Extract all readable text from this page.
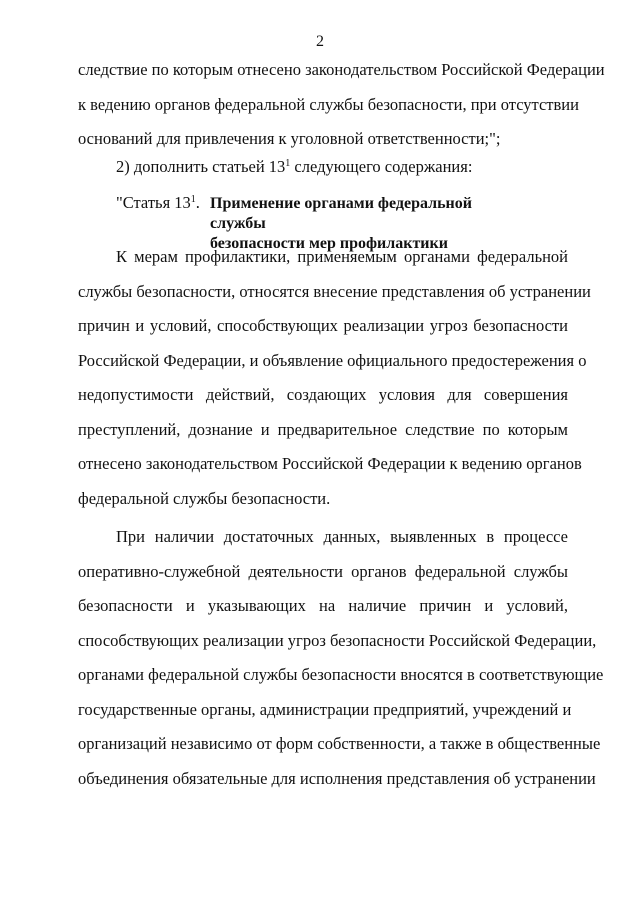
2
следствие по которым отнесено законодательством Российской Федерации
к ведению органов федеральной службы безопасности, при отсутствии
оснований для привлечения к уголовной ответственности;";
2) дополнить статьей $13^1$ следующего содержания:
"Статья $13^1$. Применение органами федеральной службы
безопасности мер профилактики
К мерам профилактики, применяемым органами федеральной
службы безопасности, относятся внесение представления об устранении
причин и условий, способствующих реализации угроз безопасности
Российской Федерации, и объявление официального предостережения о
недопустимости действий, создающих условия для совершения
преступлений, дознание и предварительное следствие по которым
отнесено законодательством Российской Федерации к ведению органов
федеральной службы безопасности.
При наличии достаточных данных, выявленных в процессе
оперативно-служебной деятельности органов федеральной службы
безопасности и указывающих на наличие причин и условий,
способствующих реализации угроз безопасности Российской Федерации,
органами федеральной службы безопасности вносятся в соответствующие
государственные органы, администрации предприятий, учреждений и
организаций независимо от форм собственности, а также в общественные
объединения обязательные для исполнения представления об устранении
